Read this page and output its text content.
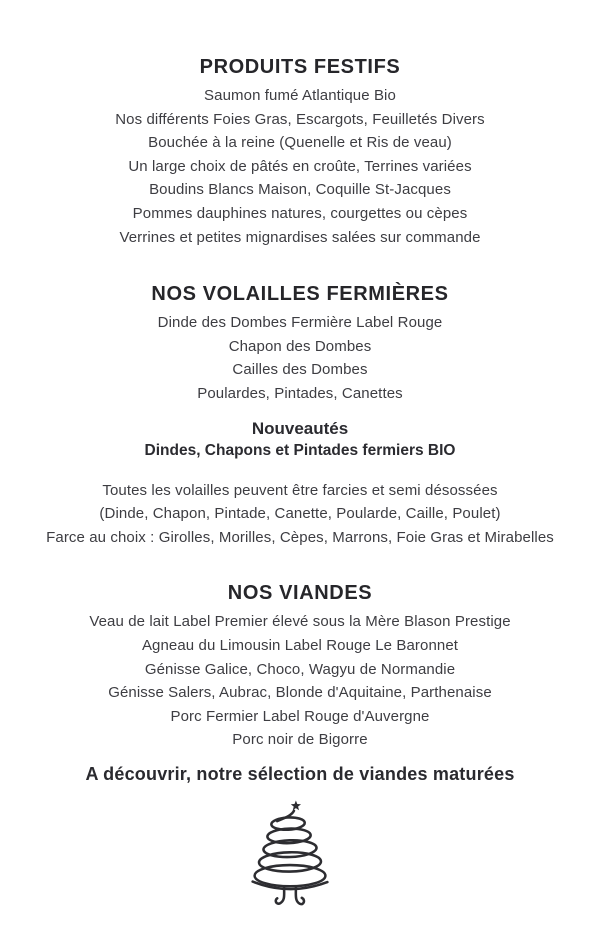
PRODUITS FESTIFS
Saumon fumé Atlantique Bio
Nos différents Foies Gras, Escargots, Feuilletés Divers
Bouchée à la reine (Quenelle et Ris de veau)
Un large choix de pâtés en croûte, Terrines variées
Boudins Blancs Maison, Coquille St-Jacques
Pommes dauphines natures, courgettes ou cèpes
Verrines et petites mignardises salées sur commande
NOS VOLAILLES FERMIÈRES
Dinde des Dombes Fermière Label Rouge
Chapon des Dombes
Cailles des Dombes
Poulardes, Pintades, Canettes
Nouveautés
Dindes, Chapons et Pintades fermiers BIO
Toutes les volailles peuvent être farcies et semi désossées
(Dinde, Chapon, Pintade, Canette, Poularde, Caille, Poulet)
Farce au choix : Girolles, Morilles, Cèpes, Marrons, Foie Gras et Mirabelles
NOS VIANDES
Veau de lait Label Premier élevé sous la Mère Blason Prestige
Agneau du Limousin Label Rouge Le Baronnet
Génisse Galice, Choco, Wagyu de Normandie
Génisse Salers, Aubrac, Blonde d'Aquitaine, Parthenaise
Porc Fermier Label Rouge d'Auvergne
Porc noir de Bigorre
A découvrir, notre sélection de viandes maturées
